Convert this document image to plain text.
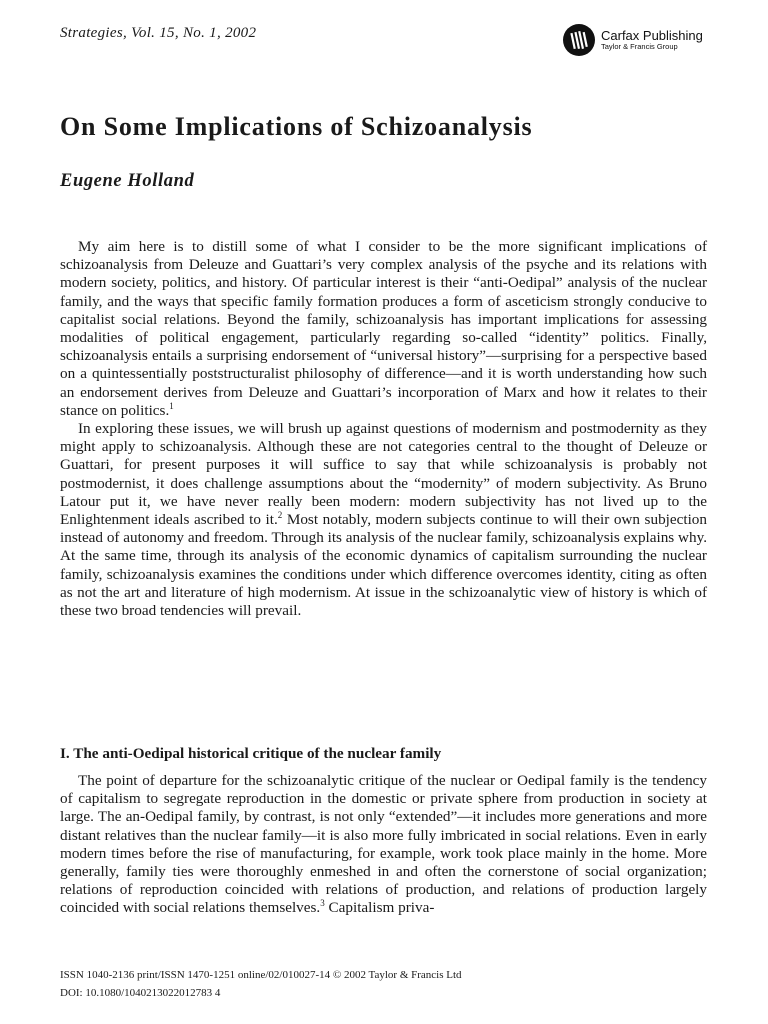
Strategies, Vol. 15, No. 1, 2002	Carfax Publishing
Taylor & Francis Group
On Some Implications of Schizoanalysis
Eugene Holland

My aim here is to distill some of what I consider to be the more significant implications of schizoanalysis from Deleuze and Guattari’s very complex analysis of the psyche and its relations with modern society, politics, and history. Of particular interest is their “anti-Oedipal” analysis of the nuclear family, and the ways that specific family formation produces a form of asceticism strongly conducive to capitalist social relations. Beyond the family, schizoanalysis has important implications for assessing modalities of political engagement, particularly regarding so-called “identity” politics. Finally, schizoanalysis entails a surprising endorsement of “universal history”—surprising for a perspective based on a quintessentially poststructuralist philosophy of difference—and it is worth understanding how such an endorsement derives from Deleuze and Guattari’s incorporation of Marx and how it relates to their stance on politics.$^1$

In exploring these issues, we will brush up against questions of modernism and postmodernity as they might apply to schizoanalysis. Although these are not categories central to the thought of Deleuze or Guattari, for present purposes it will suffice to say that while schizoanalysis is probably not postmodernist, it does challenge assumptions about the “modernity” of modern subjectivity. As Bruno Latour put it, we have never really been modern: modern subjectivity has not lived up to the Enlightenment ideals ascribed to it.$^2$ Most notably, modern subjects continue to will their own subjection instead of autonomy and freedom. Through its analysis of the nuclear family, schizoanalysis explains why. At the same time, through its analysis of the economic dynamics of capitalism surrounding the nuclear family, schizoanalysis examines the conditions under which difference overcomes identity, citing as often as not the art and literature of high modernism. At issue in the schizoanalytic view of history is which of these two broad tendencies will prevail.

I. The anti-Oedipal historical critique of the nuclear family

The point of departure for the schizoanalytic critique of the nuclear or Oedipal family is the tendency of capitalism to segregate reproduction in the domestic or private sphere from production in society at large. The an-Oedipal family, by contrast, is not only “extended”—it includes more generations and more distant relatives than the nuclear family—it is also more fully imbricated in social relations. Even in early modern times before the rise of manufacturing, for example, work took place mainly in the home. More generally, family ties were thoroughly enmeshed in and often the cornerstone of social organization; relations of reproduction coincided with relations of production, and relations of production largely coincided with social relations themselves.$^3$ Capitalism priva-

ISSN 1040-2136 print/ISSN 1470-1251 online/02/010027-14 © 2002 Taylor & Francis Ltd
DOI: 10.1080/1040213022012783 4
